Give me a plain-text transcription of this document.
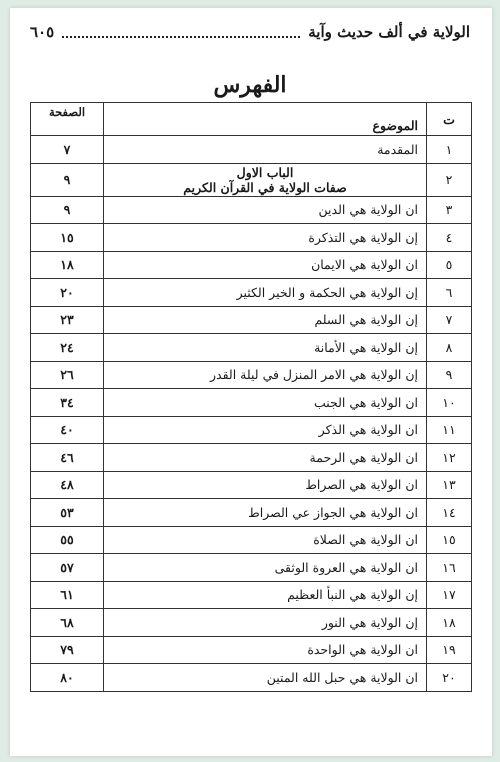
الولاية في ألف حديث وآية
٦٠٥
الفهرس
ت	الموضوع	الصفحة
١	المقدمة	٧
٢	الباب الاول
صفات الولاية في القرآن الكريم	٩
٣	ان الولاية هي الدين	٩
٤	إن الولاية هي التذكرة	١٥
٥	ان الولاية هي الايمان	١٨
٦	إن الولاية هي الحكمة و الخير الكثير	٢٠
٧	إن الولاية هي السلم	٢٣
٨	إن الولاية هي الأمانة	٢٤
٩	إن الولاية هي الامر المنزل في ليلة القدر	٢٦
١٠	ان الولاية هي الجنب	٣٤
١١	ان الولاية هي الذكر	٤٠
١٢	ان الولاية هي الرحمة	٤٦
١٣	ان الولاية هي الصراط	٤٨
١٤	ان الولاية هي الجواز عي الصراط	٥٣
١٥	ان الولاية هي الصلاة	٥٥
١٦	ان الولاية هي العروة الوثقى	٥٧
١٧	إن الولاية هي النبأ العظيم	٦١
١٨	إن الولاية هي النور	٦٨
١٩	ان الولاية هي الواحدة	٧٩
٢٠	ان الولاية هي حبل الله المتين	٨٠
